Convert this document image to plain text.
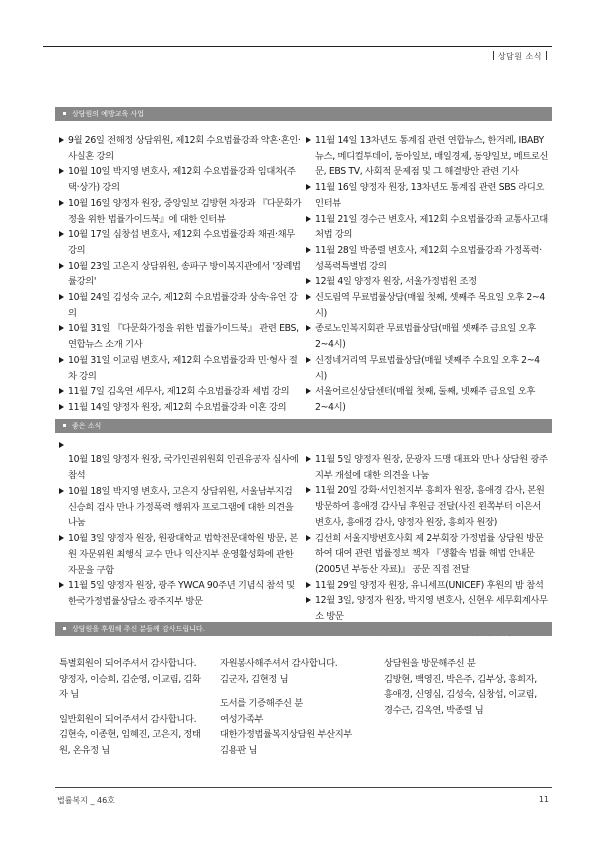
상담원 소식
상담원의 예방교육 사업
9월 26일 전해정 상담위원, 제12회 수요법률강좌 약혼·혼인·사실혼 강의
10월 10일 박지영 변호사, 제12회 수요법률강좌 임대차(주택·상가) 강의
10월 16일 양정자 원장, 중앙일보 김방현 차장과 『다문화가정을 위한 법률가이드북』에 대한 인터뷰
10월 17일 심창섭 변호사, 제12회 수요법률강좌 채권·채무 강의
10월 23일 고은지 상담위원, 송파구 방이복지관에서 '장례법률강의'
10월 24일 김성숙 교수, 제12회 수요법률강좌 상속·유언 강의
10월 31일 『다문화가정을 위한 법률가이드북』 관련 EBS, 연합뉴스 소개 기사
10월 31일 이교림 변호사, 제12회 수요법률강좌 민·형사 절차 강의
11월 7일 김옥연 세무사, 제12회 수요법률강좌 세법 강의
11월 14일 양정자 원장, 제12회 수요법률강좌 이혼 강의
11월 14일 13차년도 통계집 관련 연합뉴스, 한겨레, IBABY 뉴스, 메디컬투데이, 동아일보, 매일경제, 동양일보, 메트로신문, EBS TV, 사회적 문제점 및 그 해결방안 관련 기사
11월 16일 양정자 원장, 13차년도 통계집 관련 SBS 라디오 인터뷰
11월 21일 경수근 변호사, 제12회 수요법률강좌 교통사고대처법 강의
11월 28일 박종렬 변호사, 제12회 수요법률강좌 가정폭력·성폭력특별법 강의
12월 4일 양정자 원장, 서울가정법원 조정
신도림역 무료법률상담(매월 첫째, 셋째주 목요일 오후 2~4시)
종로노인복지회관 무료법률상담(매월 셋째주 금요일 오후 2~4시)
신정네거리역 무료법률상담(매월 넷째주 수요일 오후 2~4시)
서울어르신상담센터(매월 첫째, 둘째, 넷째주 금요일 오후 2~4시)
좋은 소식
10월 18일 양정자 원장, 국가인권위원회 인권유공자 심사에 참석
10월 18일 박지영 변호사, 고은지 상담위원, 서울남부지검 신승희 검사 만나 가정폭력 행위자 프로그램에 대한 의견을 나눔
10월 3일 양정자 원장, 원광대학교 법학전문대학원 방문, 본원 자문위원 최행식 교수 만나 익산지부 운영활성화에 관한 자문을 구함
11월 5일 양정자 원장, 광주 YWCA 90주년 기념식 참석 및 한국가정법률상담소 광주지부 방문
11월 5일 양정자 원장, 문광자 드맹 대표와 만나 상담원 광주지부 개설에 대한 의견을 나눔
11월 20일 강화·서인천지부 흥희자 원장, 흥애경 감사, 본원 방문하여 흥애경 감사님 후원금 전달(사진 왼쪽부터 이은서 변호사, 흥애경 감사, 양정자 원장, 흥희자 원장)
김선희 서울지방변호사회 제 2부회장 가정법률 상담원 방문하여 대여 관련 법률정보 책자 『생활속 법률 해법 안내문(2005년 부동산 자료)』 공문 직접 전달
11월 29일 양정자 원장, 유니세프(UNICEF) 후원의 밤 참석
12월 3일, 양정자 원장, 박지영 변호사, 신현우 세무회계사무소 방문
상담원을 후원해 주신 분들께 감사드립니다.
특별회원이 되어주셔서 감사합니다.
양정자, 이승희, 김순영, 이교림, 김화자 님
일반회원이 되어주셔서 감사합니다.
김현숙, 이종현, 임혜진, 고은지, 정태원, 온유정 님
자원봉사해주셔서 감사합니다.
김군자, 김현정 님
도서를 기증해주신 분
여성가족부
대한가정법률복지상담원 부산지부
김용판 님
상담원을 방문해주신 분
김방현, 백영진, 박은주, 김부상, 흥희자, 흥애경, 신영심, 김성숙, 심창섭, 이교림, 경수근, 김옥연, 박종렬 님
법률복지 _ 46호	11
